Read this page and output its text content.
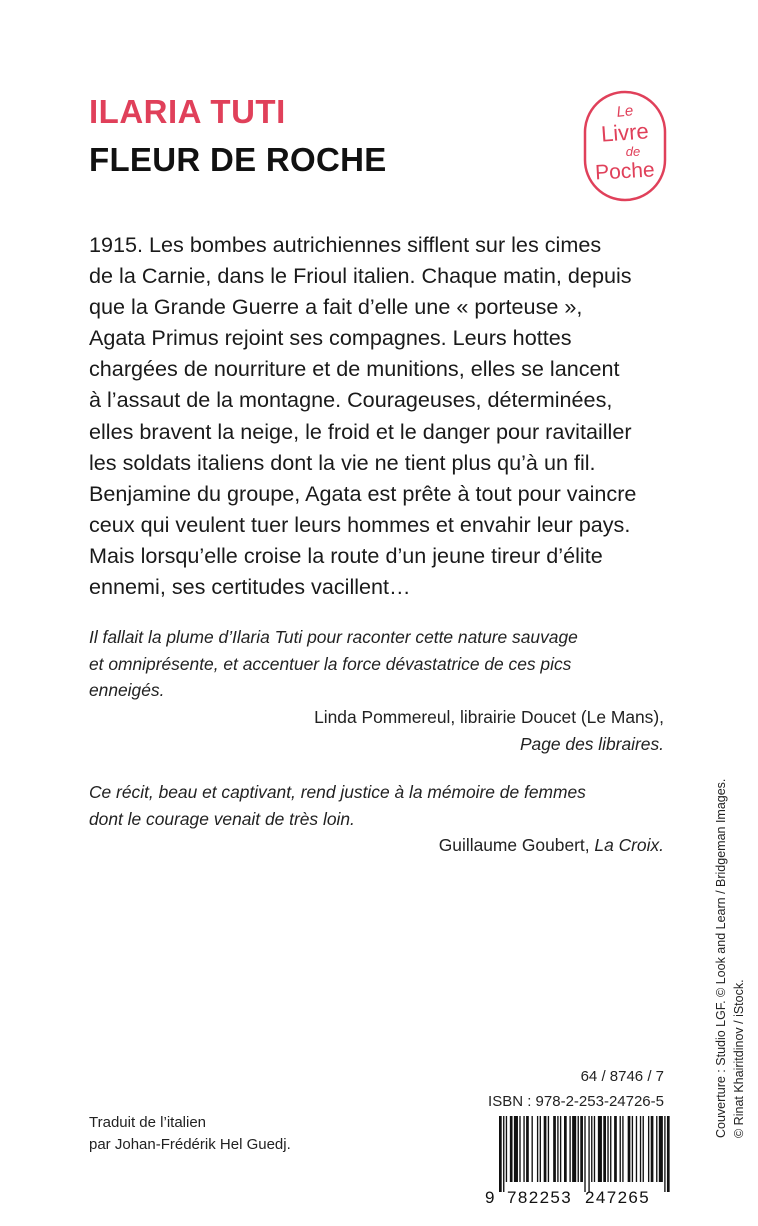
ILARIA TUTI
FLEUR DE ROCHE
Le
Livre
de
Poche
1915. Les bombes autrichiennes sifflent sur les cimes
de la Carnie, dans le Frioul italien. Chaque matin, depuis
que la Grande Guerre a fait d’elle une « porteuse »,
Agata Primus rejoint ses compagnes. Leurs hottes
chargées de nourriture et de munitions, elles se lancent
à l’assaut de la montagne. Courageuses, déterminées,
elles bravent la neige, le froid et le danger pour ravitailler
les soldats italiens dont la vie ne tient plus qu’à un fil.
Benjamine du groupe, Agata est prête à tout pour vaincre
ceux qui veulent tuer leurs hommes et envahir leur pays.
Mais lorsqu’elle croise la route d’un jeune tireur d’élite
ennemi, ses certitudes vacillent…
Il fallait la plume d’Ilaria Tuti pour raconter cette nature sauvage
et omniprésente, et accentuer la force dévastatrice de ces pics
enneigés.
Linda Pommereul, librairie Doucet (Le Mans),
Page des libraires.
Ce récit, beau et captivant, rend justice à la mémoire de femmes
dont le courage venait de très loin.
Guillaume Goubert, La Croix.	Couverture : Studio LGF. © Look and Learn / Bridgeman Images. © Rinat Khairitdinov / iStock.
64 / 8746 / 7
ISBN : 978-2-253-24726-5
Traduit de l’italien
par Johan-Frédérik Hel Guedj.
9 782253 247265
